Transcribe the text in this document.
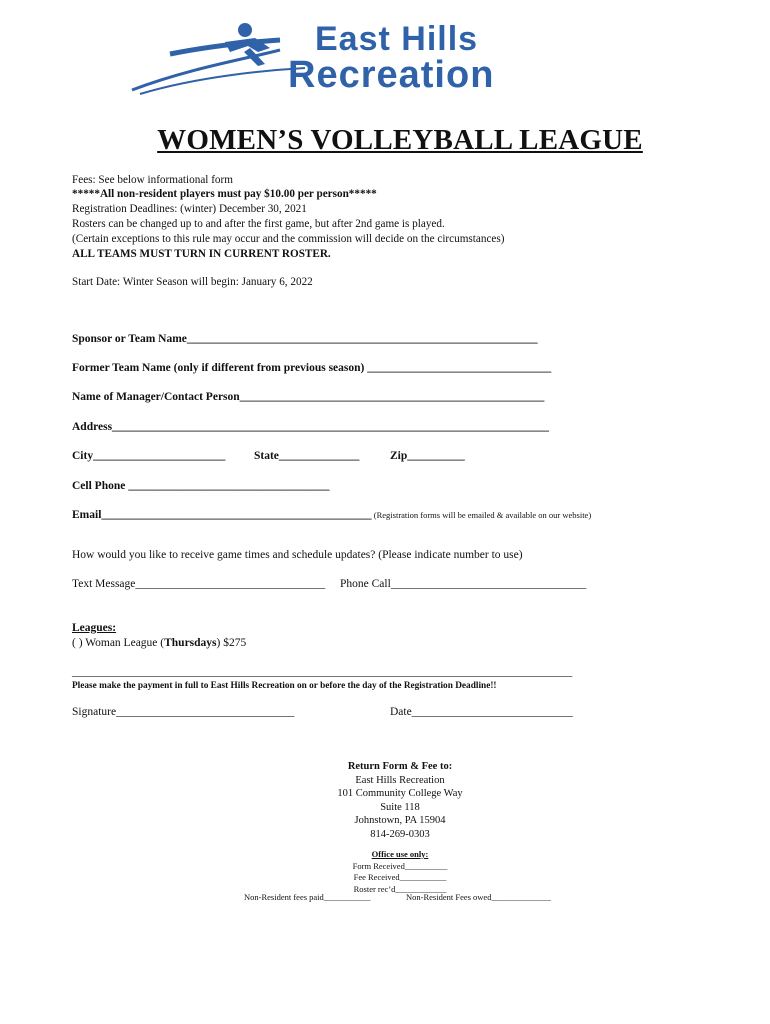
East Hills
Recreation
WOMEN’S VOLLEYBALL LEAGUE
Fees: See below informational form
*****All non-resident players must pay $10.00 per person*****
Registration Deadlines: (winter) December 30, 2021
Rosters can be changed up to and after the first game, but after 2nd game is played.
(Certain exceptions to this rule may occur and the commission will decide on the circumstances)
ALL TEAMS MUST TURN IN CURRENT ROSTER.
Start Date: Winter Season will begin: January 6, 2022
Sponsor or Team Name_____________________________________________________________
Former Team Name (only if different from previous season) ________________________________
Name of Manager/Contact Person_____________________________________________________
Address____________________________________________________________________________
City_______________________ State______________	Zip__________
Cell Phone ___________________________________
Email_______________________________________________ (Registration forms will be emailed & available on our website)
How would you like to receive game times and schedule updates? (Please indicate number to use)
Text Message_________________________________ Phone Call__________________________________
Leagues:
( ) Woman League (Thursdays) $275
_______________________________________________________________________________________
Please make the payment in full to East Hills Recreation on or before the day of the Registration Deadline!!
Signature_______________________________	Date____________________________
Return Form & Fee to:
East Hills Recreation
101 Community College Way
Suite 118
Johnstown, PA 15904
814-269-0303
Office use only:
Form Received__________
Fee Received___________
Roster rec’d____________
Non-Resident fees paid___________	Non-Resident Fees owed______________
